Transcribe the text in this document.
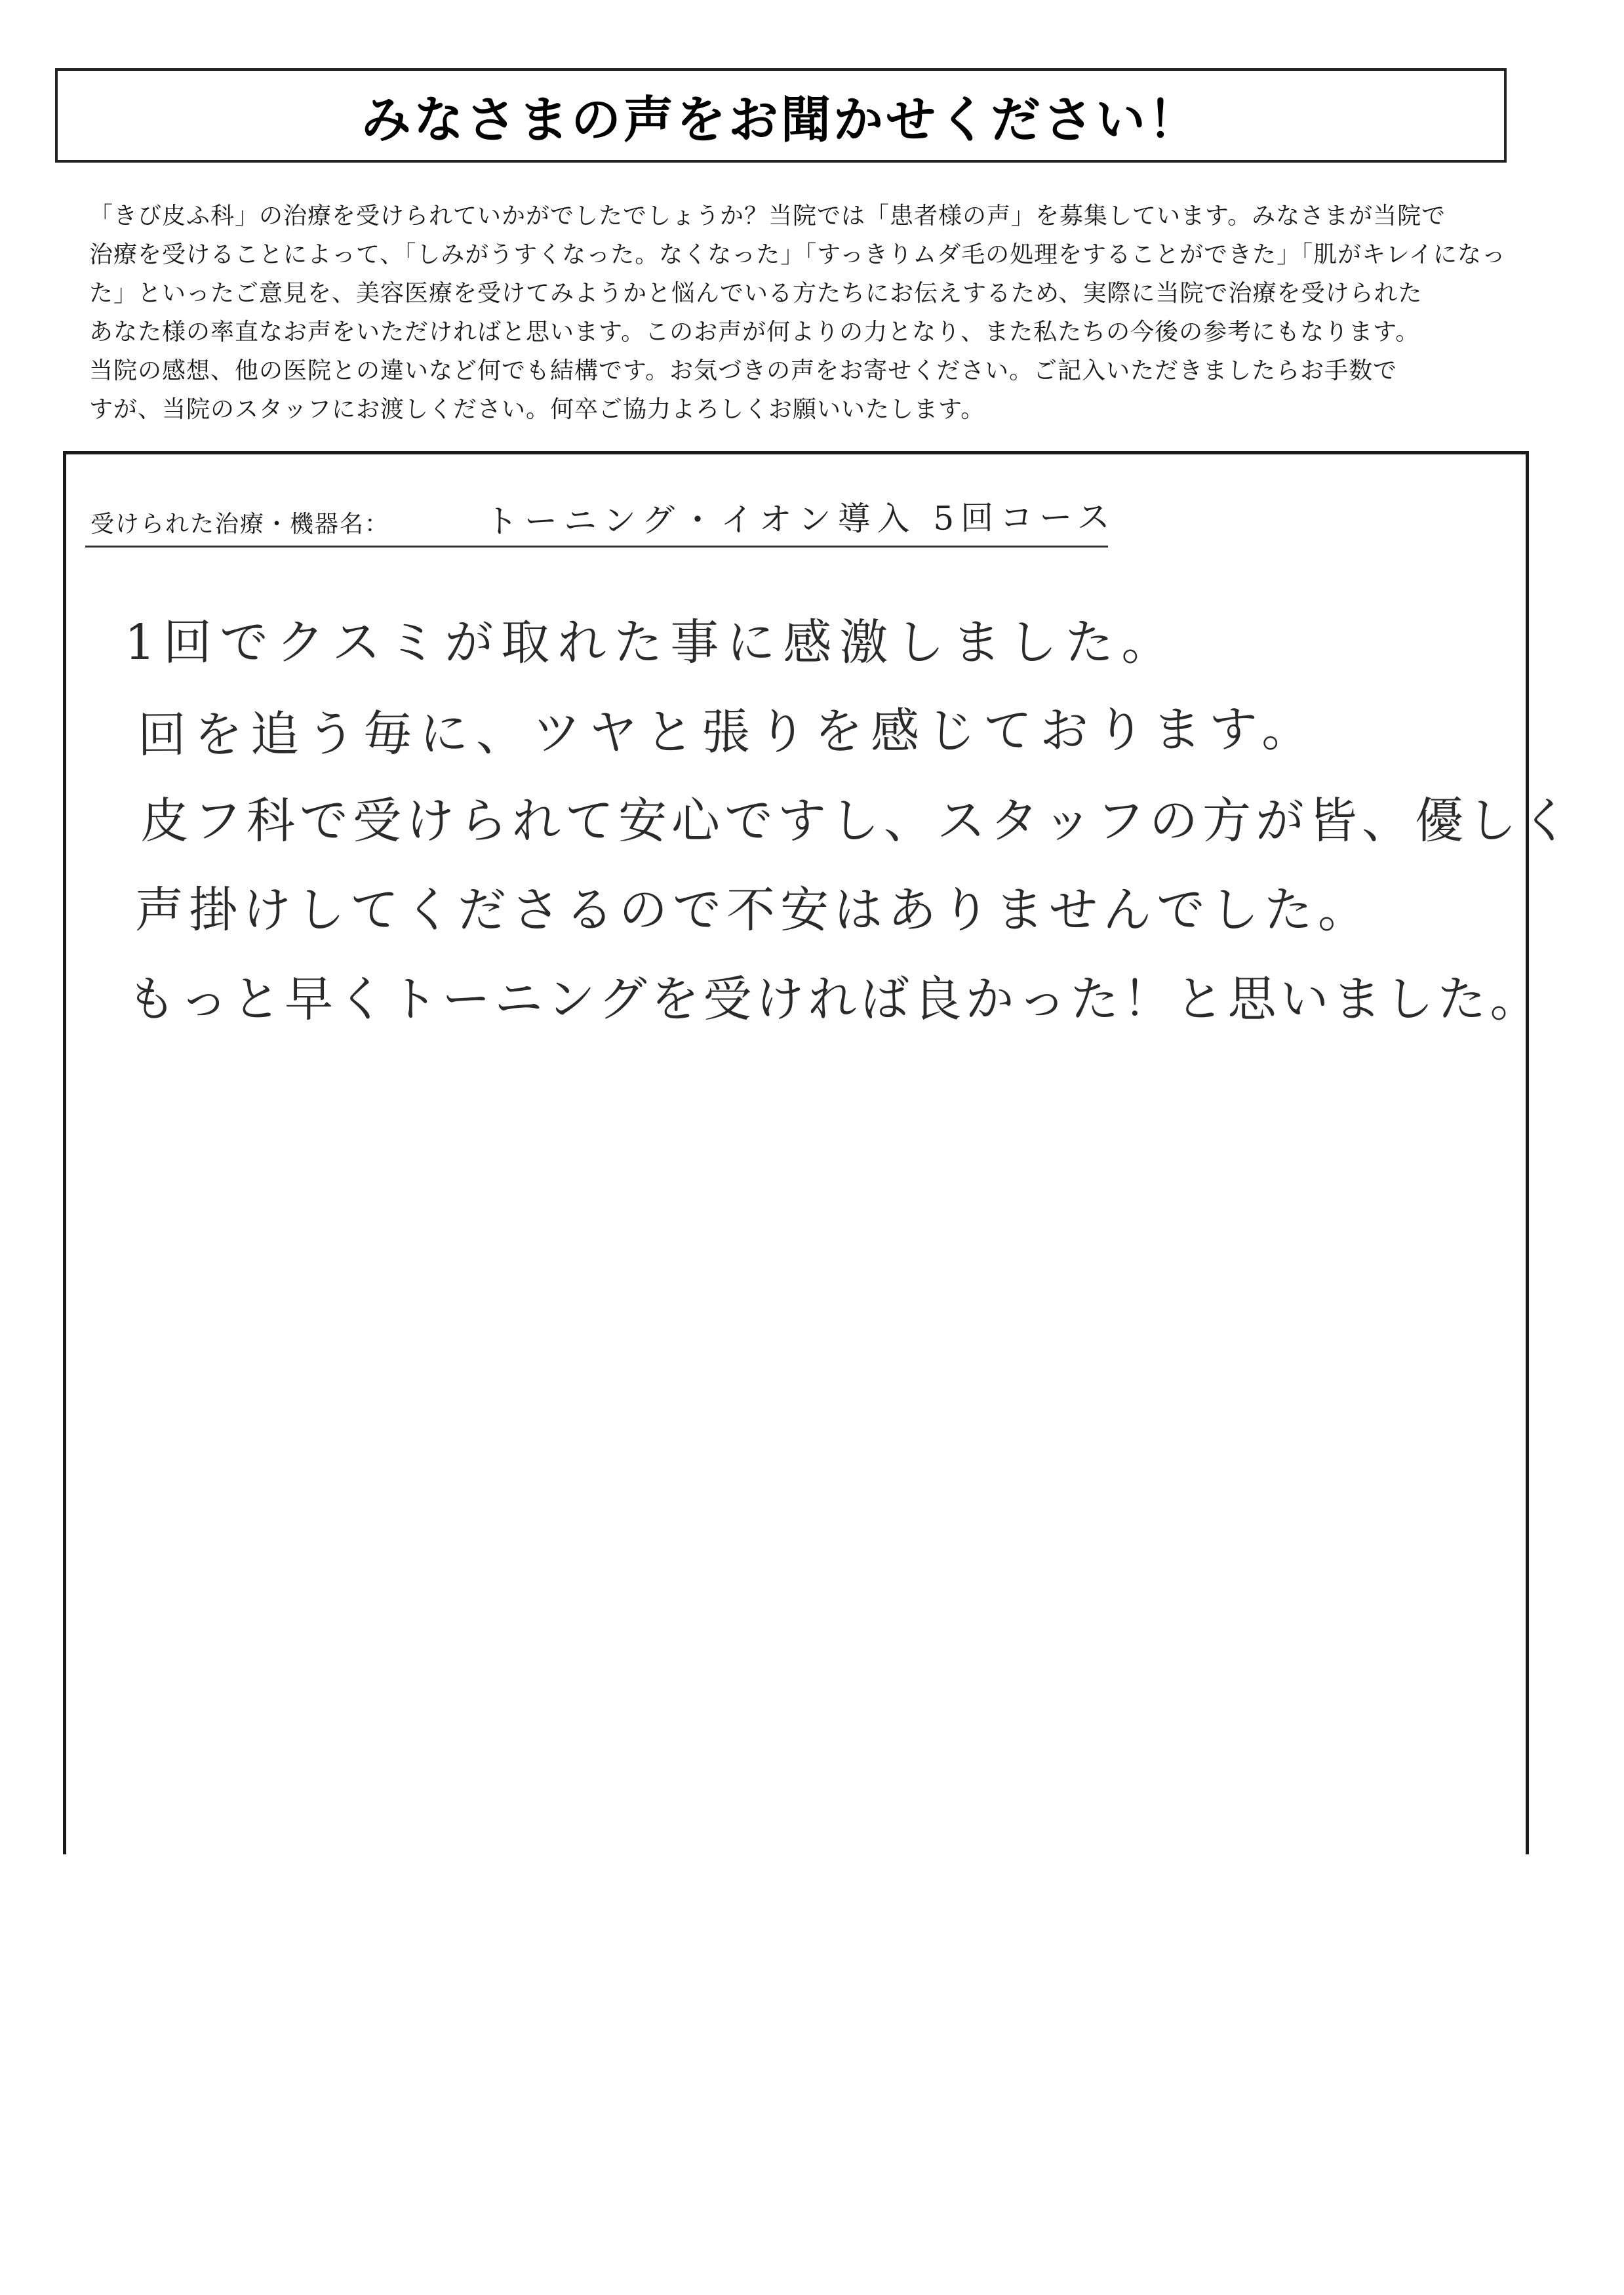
みなさまの声をお聞かせください！
「きび皮ふ科」の治療を受けられていかがでしたでしょうか？当院では「患者様の声」を募集しています。みなさまが当院で
治療を受けることによって、「しみがうすくなった。なくなった」「すっきりムダ毛の処理をすることができた」「肌がキレイになっ
た」といったご意見を、美容医療を受けてみようかと悩んでいる方たちにお伝えするため、実際に当院で治療を受けられた
あなた様の率直なお声をいただければと思います。このお声が何よりの力となり、また私たちの今後の参考にもなります。
当院の感想、他の医院との違いなど何でも結構です。お気づきの声をお寄せください。ご記入いただきましたらお手数で
すが、当院のスタッフにお渡しください。何卒ご協力よろしくお願いいたします。
受けられた治療・機器名：	トーニング・イオン導入 5回コース
1回でクスミが取れた事に感激しました。
回を追う毎に、ツヤと張りを感じております。
皮フ科で受けられて安心ですし、スタッフの方が皆、優しく
声掛けしてくださるので不安はありませんでした。
もっと早くトーニングを受ければ良かった！と思いました。
